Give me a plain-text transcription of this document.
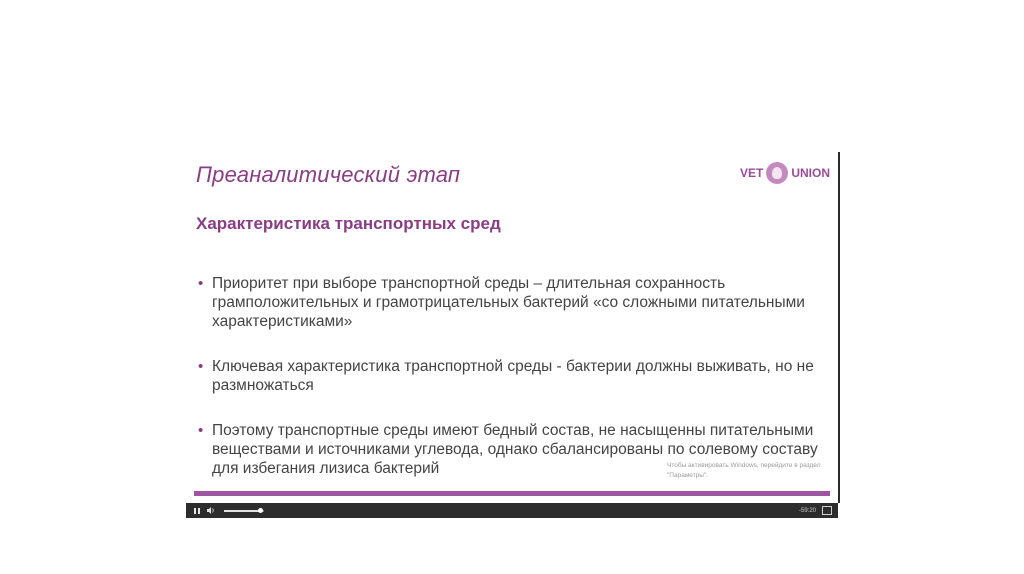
Преаналитический этап	VET UNION
Характеристика транспортных сред
• Приоритет при выборе транспортной среды – длительная сохранность грамположительных и грамотрицательных бактерий «со сложными питательными характеристиками»
• Ключевая характеристика транспортной среды - бактерии должны выживать, но не размножаться
• Поэтому транспортные среды имеют бедный состав, не насыщенны питательными веществами и источниками углевода, однако сбалансированы по солевому составу для избегания лизиса бактерий	Чтобы активировать Windows, перейдите в раздел "Параметры".
-59:20
